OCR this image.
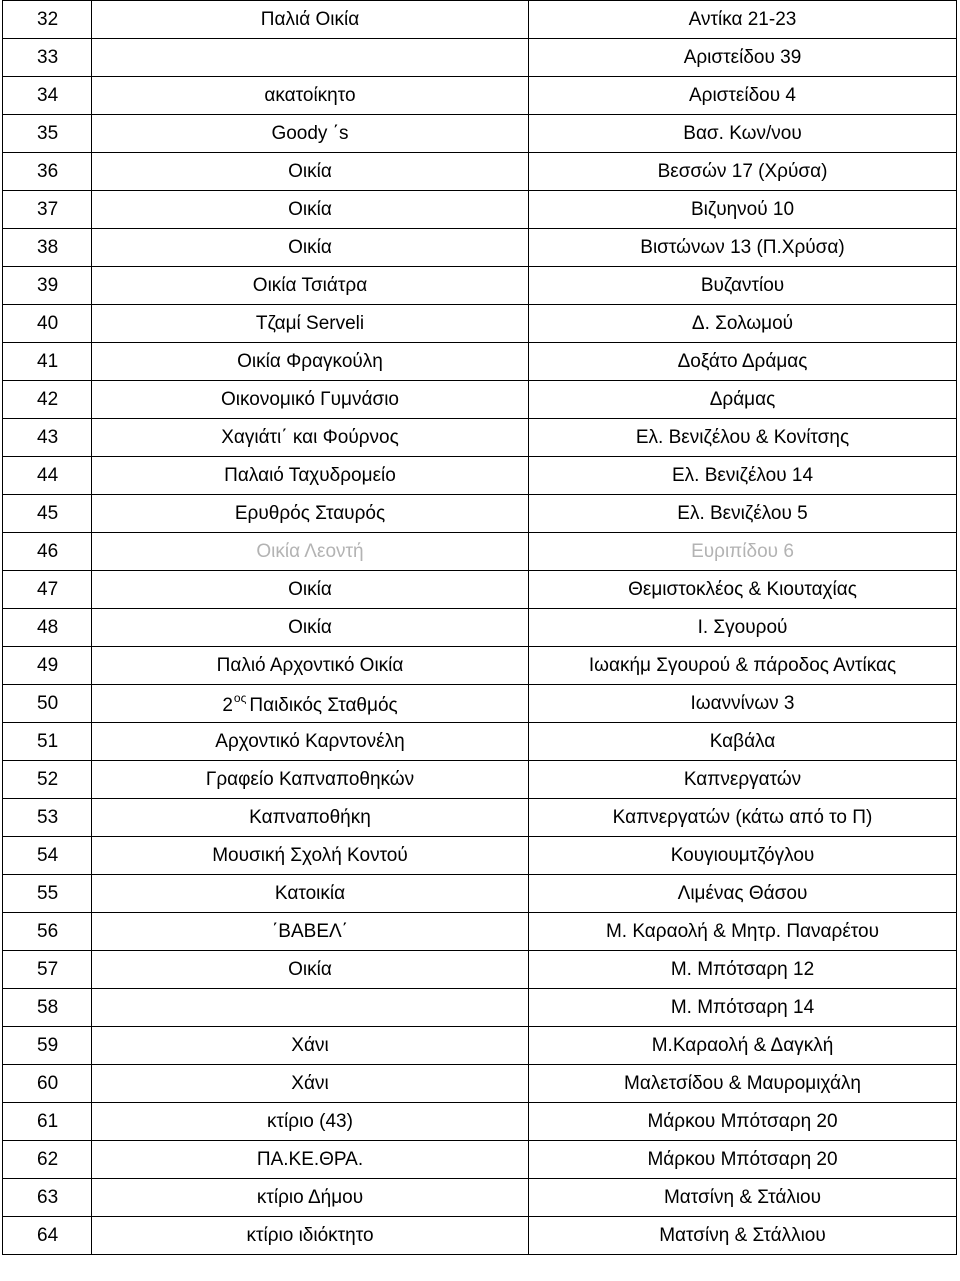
32	Παλιά Οικία	Αντίκα 21-23
33		Αριστείδου 39
34	ακατοίκητο	Αριστείδου 4
35	Goody ΄s	Βασ. Κων/νου
36	Οικία	Βεσσών 17 (Χρύσα)
37	Οικία	Βιζυηνού 10
38	Οικία	Βιστώνων 13 (Π.Χρύσα)
39	Οικία Τσιάτρα	Βυζαντίου
40	Τζαμί Serveli	Δ. Σολωμού
41	Οικία Φραγκούλη	Δοξάτο Δράμας
42	Οικονομικό Γυμνάσιο	Δράμας
43	Χαγιάτι΄ και Φούρνος	Ελ. Βενιζέλου & Κονίτσης
44	Παλαιό Ταχυδρομείο	Ελ. Βενιζέλου 14
45	Ερυθρός Σταυρός	Ελ. Βενιζέλου 5
46	Οικία Λεοντή	Ευριπίδου 6
47	Οικία	Θεμιστοκλέος & Κιουταχίας
48	Οικία	Ι. Σγουρού
49	Παλιό Αρχοντικό Οικία	Ιωακήμ Σγουρού & πάροδος Αντίκας
50	$2^{o\varsigma}$ Παιδικός Σταθμός	Ιωαννίνων 3
51	Αρχοντικό Καρντονέλη	Καβάλα
52	Γραφείο Καπναποθηκών	Καπνεργατών
53	Καπναποθήκη	Καπνεργατών (κάτω από το Π)
54	Μουσική Σχολή Κοντού	Κουγιουμτζόγλου
55	Κατοικία	Λιμένας Θάσου
56	΄ΒΑΒΕΛ΄	Μ. Καραολή & Μητρ. Παναρέτου
57	Οικία	Μ. Μπότσαρη 12
58		Μ. Μπότσαρη 14
59	Χάνι	Μ.Καραολή & Δαγκλή
60	Χάνι	Μαλετσίδου & Μαυρομιχάλη
61	κτίριο (43)	Μάρκου Μπότσαρη 20
62	ΠΑ.ΚΕ.ΘΡΑ.	Μάρκου Μπότσαρη 20
63	κτίριο Δήμου	Ματσίνη & Στάλιου
64	κτίριο ιδιόκτητο	Ματσίνη & Στάλλιου
